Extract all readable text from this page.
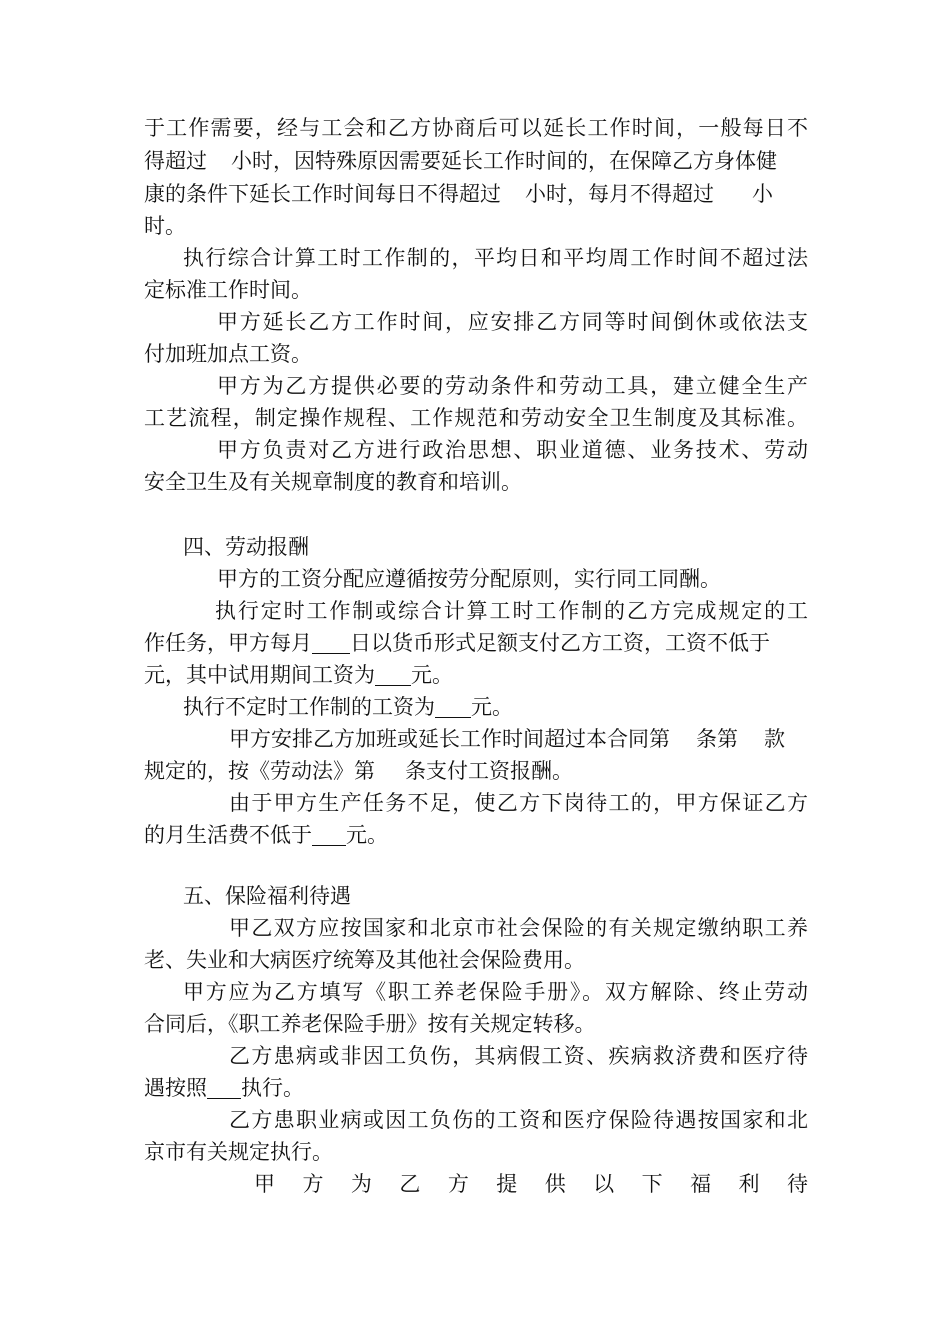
于工作需要，经与工会和乙方协商后可以延长工作时间，一般每日不
得超过 小时，因特殊原因需要延长工作时间的，在保障乙方身体健
康的条件下延长工作时间每日不得超过 小时，每月不得超过 小
时。
执行综合计算工时工作制的，平均日和平均周工作时间不超过法
定标准工作时间。
甲方延长乙方工作时间，应安排乙方同等时间倒休或依法支
付加班加点工资。
甲方为乙方提供必要的劳动条件和劳动工具，建立健全生产
工艺流程，制定操作规程、工作规范和劳动安全卫生制度及其标准。
甲方负责对乙方进行政治思想、职业道德、业务技术、劳动
安全卫生及有关规章制度的教育和培训。
四、劳动报酬
甲方的工资分配应遵循按劳分配原则，实行同工同酬。
执行定时工作制或综合计算工时工作制的乙方完成规定的工
作任务，甲方每月 日以货币形式足额支付乙方工资，工资不低于
元，其中试用期间工资为 元。
执行不定时工作制的工资为 元。
甲方安排乙方加班或延长工作时间超过本合同第 条第 款
规定的，按《劳动法》第 条支付工资报酬。
由于甲方生产任务不足，使乙方下岗待工的，甲方保证乙方
的月生活费不低于 元。
五、保险福利待遇
甲乙双方应按国家和北京市社会保险的有关规定缴纳职工养
老、失业和大病医疗统筹及其他社会保险费用。
甲方应为乙方填写《职工养老保险手册》。双方解除、终止劳动
合同后，《职工养老保险手册》按有关规定转移。
乙方患病或非因工负伤，其病假工资、疾病救济费和医疗待
遇按照 执行。
乙方患职业病或因工负伤的工资和医疗保险待遇按国家和北
京市有关规定执行。
甲方为乙方提供以下福利待
